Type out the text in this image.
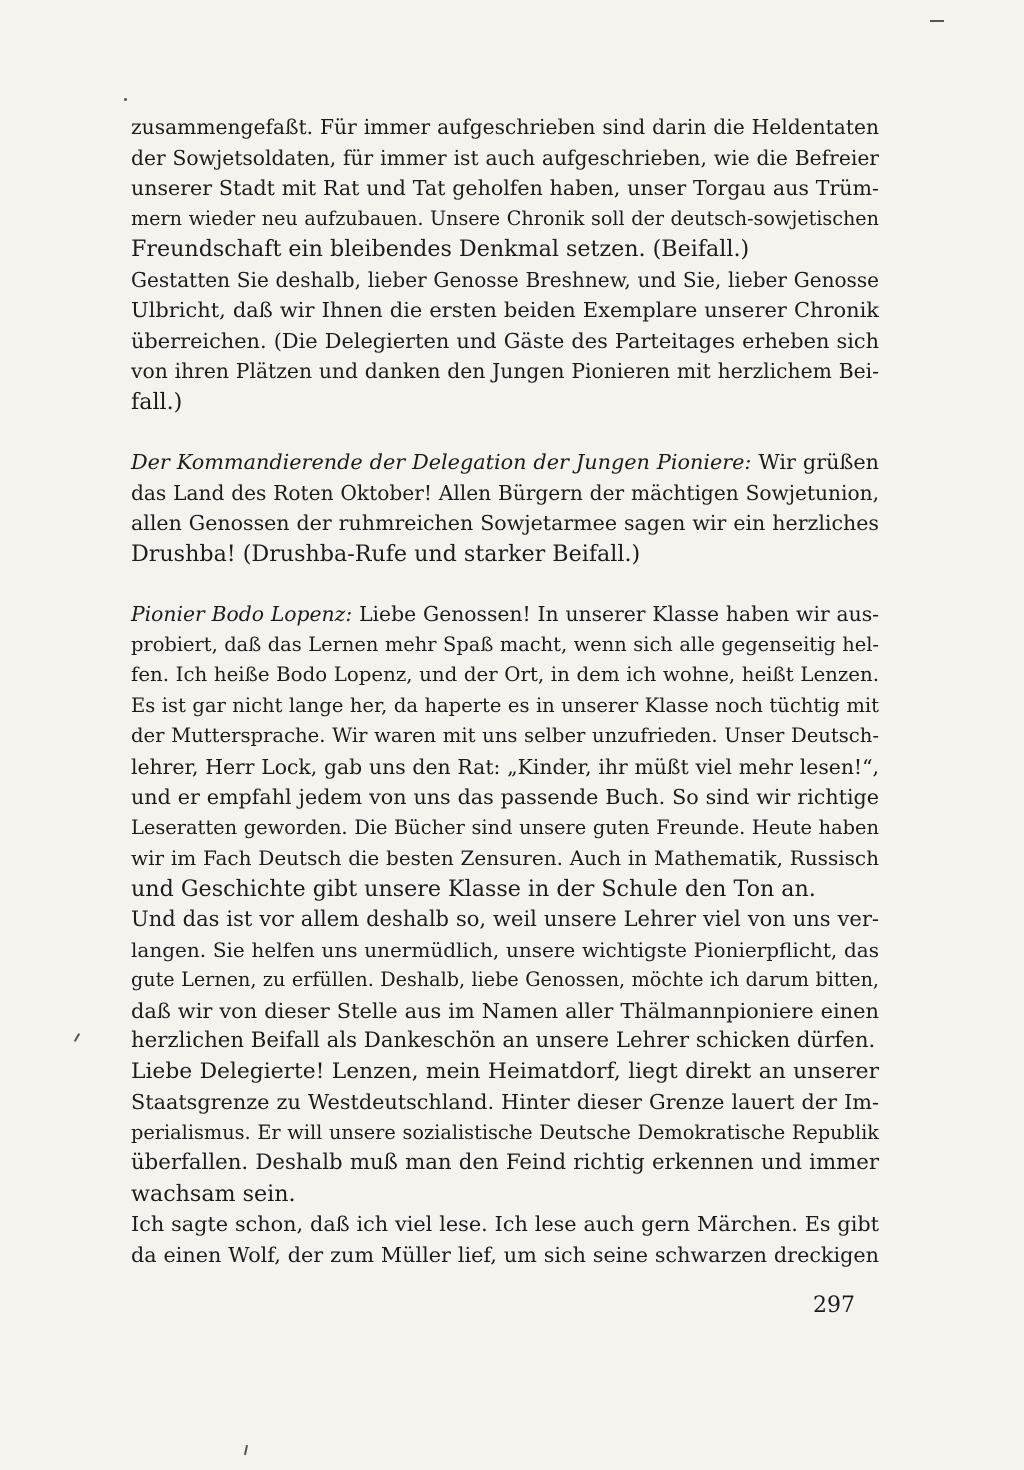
zusammengefaßt. Für immer aufgeschrieben sind darin die Heldentaten
der Sowjetsoldaten, für immer ist auch aufgeschrieben, wie die Befreier
unserer Stadt mit Rat und Tat geholfen haben, unser Torgau aus Trüm-
mern wieder neu aufzubauen. Unsere Chronik soll der deutsch-sowjetischen
Freundschaft ein bleibendes Denkmal setzen. (Beifall.)

Gestatten Sie deshalb, lieber Genosse Breshnew, und Sie, lieber Genosse
Ulbricht, daß wir Ihnen die ersten beiden Exemplare unserer Chronik
überreichen. (Die Delegierten und Gäste des Parteitages erheben sich
von ihren Plätzen und danken den Jungen Pionieren mit herzlichem Bei-
fall.)

Der Kommandierende der Delegation der Jungen Pioniere: Wir grüßen
das Land des Roten Oktober! Allen Bürgern der mächtigen Sowjetunion,
allen Genossen der ruhmreichen Sowjetarmee sagen wir ein herzliches
Drushba! (Drushba-Rufe und starker Beifall.)

Pionier Bodo Lopenz: Liebe Genossen! In unserer Klasse haben wir aus-
probiert, daß das Lernen mehr Spaß macht, wenn sich alle gegenseitig hel-
fen. Ich heiße Bodo Lopenz, und der Ort, in dem ich wohne, heißt Lenzen.
Es ist gar nicht lange her, da haperte es in unserer Klasse noch tüchtig mit
der Muttersprache. Wir waren mit uns selber unzufrieden. Unser Deutsch-
lehrer, Herr Lock, gab uns den Rat: „Kinder, ihr müßt viel mehr lesen!“,
und er empfahl jedem von uns das passende Buch. So sind wir richtige
Leseratten geworden. Die Bücher sind unsere guten Freunde. Heute haben
wir im Fach Deutsch die besten Zensuren. Auch in Mathematik, Russisch
und Geschichte gibt unsere Klasse in der Schule den Ton an.

Und das ist vor allem deshalb so, weil unsere Lehrer viel von uns ver-
langen. Sie helfen uns unermüdlich, unsere wichtigste Pionierpflicht, das
gute Lernen, zu erfüllen. Deshalb, liebe Genossen, möchte ich darum bitten,
daß wir von dieser Stelle aus im Namen aller Thälmannpioniere einen
herzlichen Beifall als Dankeschön an unsere Lehrer schicken dürfen.

Liebe Delegierte! Lenzen, mein Heimatdorf, liegt direkt an unserer
Staatsgrenze zu Westdeutschland. Hinter dieser Grenze lauert der Im-
perialismus. Er will unsere sozialistische Deutsche Demokratische Republik
überfallen. Deshalb muß man den Feind richtig erkennen und immer
wachsam sein.

Ich sagte schon, daß ich viel lese. Ich lese auch gern Märchen. Es gibt
da einen Wolf, der zum Müller lief, um sich seine schwarzen dreckigen

297
